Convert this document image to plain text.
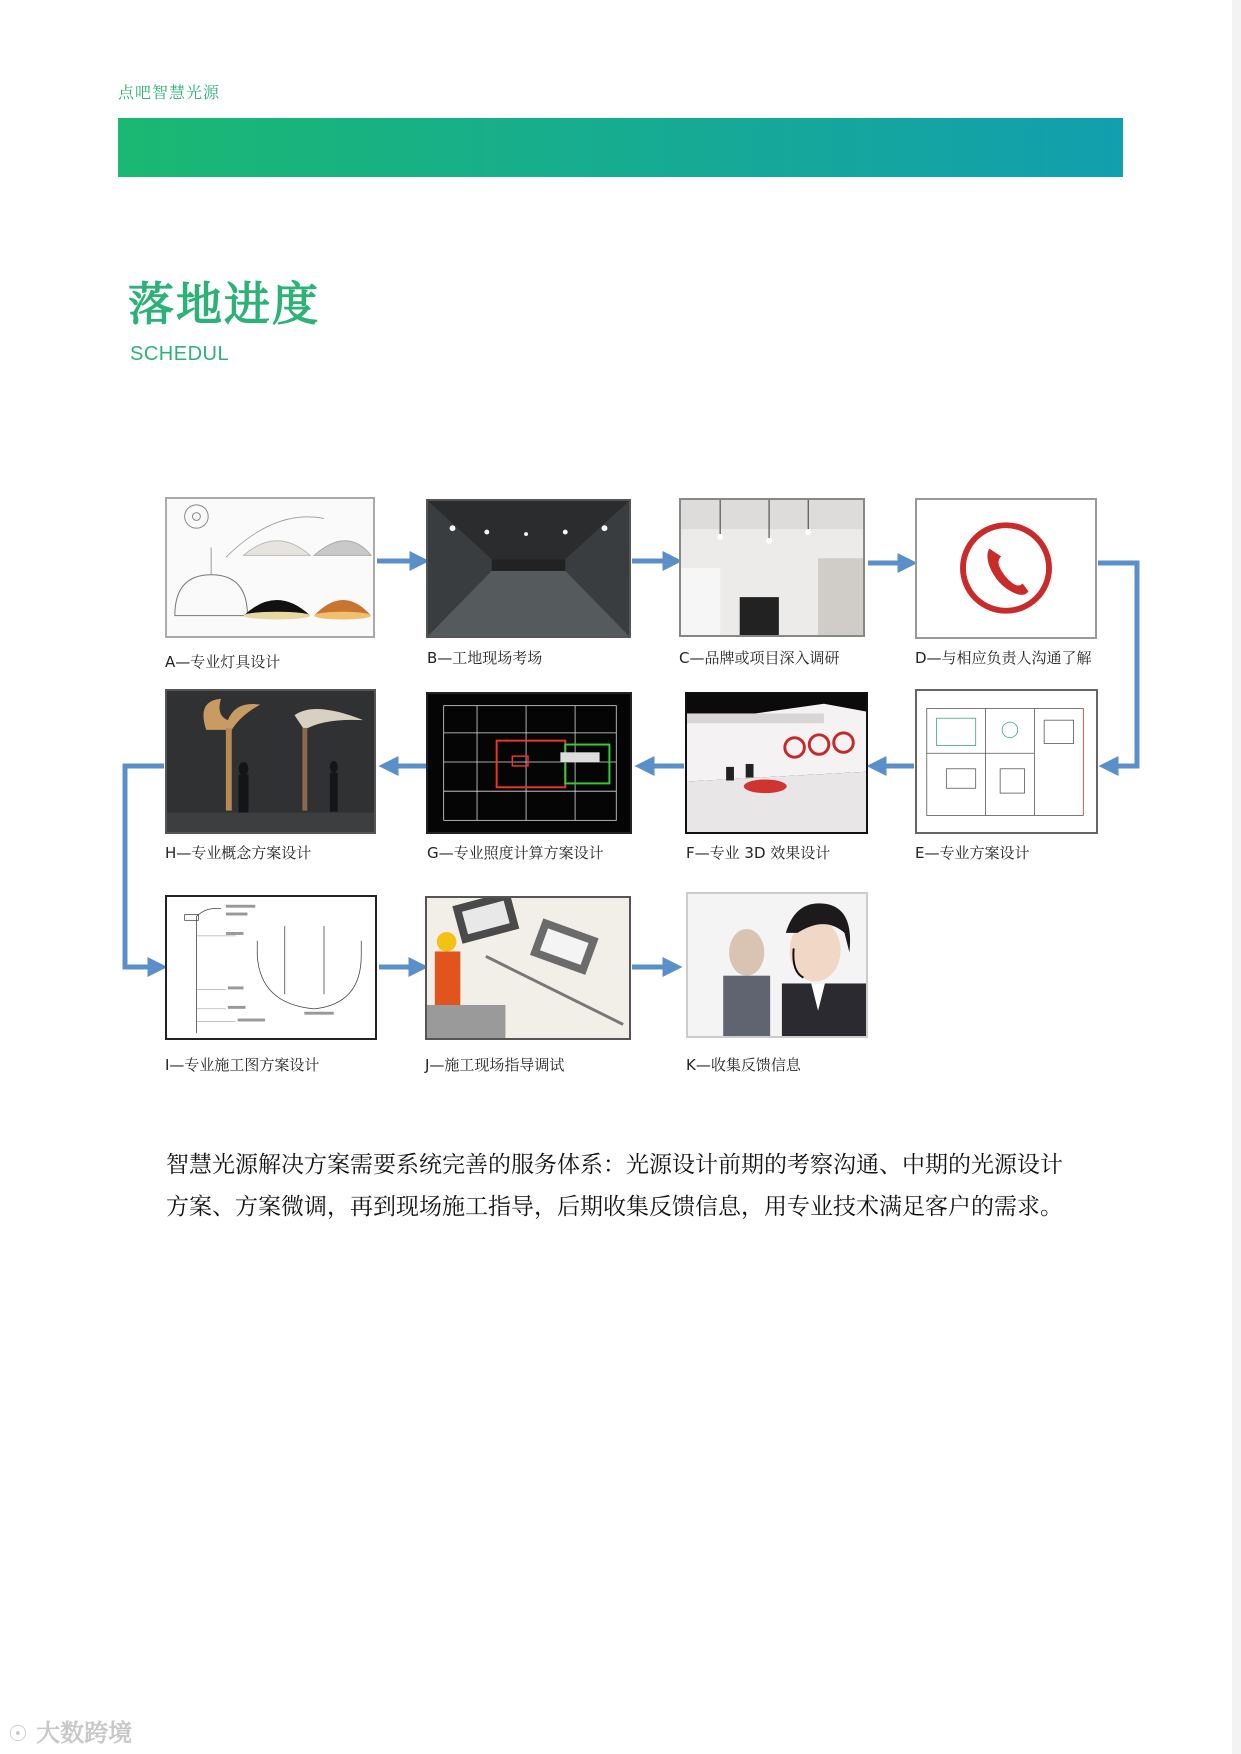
点吧智慧光源
落地进度
SCHEDUL
A—专业灯具设计	B—工地现场考场	C—品牌或项目深入调研	D—与相应负责人沟通了解
H—专业概念方案设计	G—专业照度计算方案设计	F—专业 3D 效果设计	E—专业方案设计
I—专业施工图方案设计	J—施工现场指导调试	K—收集反馈信息
智慧光源解决方案需要系统完善的服务体系：光源设计前期的考察沟通、中期的光源设计方案、方案微调，再到现场施工指导，后期收集反馈信息，用专业技术满足客户的需求。
☉ 大数跨境
